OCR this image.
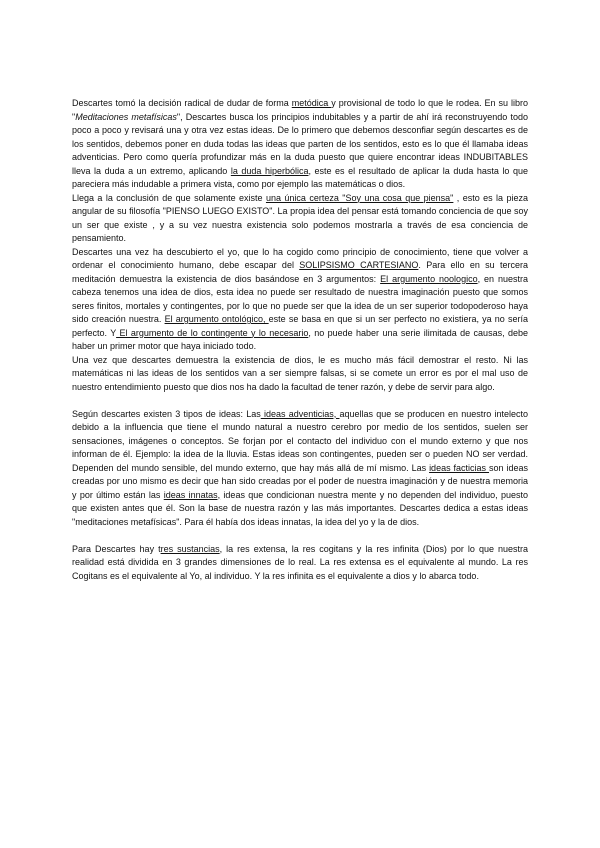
Descartes tomó la decisión radical de dudar de forma metódica y provisional de todo lo que le rodea. En su libro "Meditaciones metafísicas", Descartes busca los principios indubitables y a partir de ahí irá reconstruyendo todo poco a poco y revisará una y otra vez estas ideas. De lo primero que debemos desconfiar según descartes es de los sentidos, debemos poner en duda todas las ideas que parten de los sentidos, esto es lo que él llamaba ideas adventicias. Pero como quería profundizar más en la duda puesto que quiere encontrar ideas INDUBITABLES lleva la duda a un extremo, aplicando la duda hiperbólica, este es el resultado de aplicar la duda hasta lo que pareciera más indudable a primera vista, como por ejemplo las matemáticas o dios.

Llega a la conclusión de que solamente existe una única certeza "Soy una cosa que piensa" , esto es la pieza angular de su filosofía "PIENSO LUEGO EXISTO". La propia idea del pensar está tomando conciencia de que soy un ser que existe , y a su vez nuestra existencia solo podemos mostrarla a través de esa conciencia de pensamiento.

Descartes una vez ha descubierto el yo, que lo ha cogido como principio de conocimiento, tiene que volver a ordenar el conocimiento humano, debe escapar del SOLIPSISMO CARTESIANO. Para ello en su tercera meditación demuestra la existencia de dios basándose en 3 argumentos: El argumento noologico, en nuestra cabeza tenemos una idea de dios, esta idea no puede ser resultado de nuestra imaginación puesto que somos seres finitos, mortales y contingentes, por lo que no puede ser que la idea de un ser superior todopoderoso haya sido creación nuestra. El argumento ontológico, este se basa en que si un ser perfecto no existiera, ya no sería perfecto. Y El argumento de lo contingente y lo necesario, no puede haber una serie ilimitada de causas, debe haber un primer motor que haya iniciado todo.

Una vez que descartes demuestra la existencia de dios, le es mucho más fácil demostrar el resto. Ni las matemáticas ni las ideas de los sentidos van a ser siempre falsas, si se comete un error es por el mal uso de nuestro entendimiento puesto que dios nos ha dado la facultad de tener razón, y debe de servir para algo.

Según descartes existen 3 tipos de ideas: Las ideas adventicias, aquellas que se producen en nuestro intelecto debido a la influencia que tiene el mundo natural a nuestro cerebro por medio de los sentidos, suelen ser sensaciones, imágenes o conceptos. Se forjan por el contacto del individuo con el mundo externo y que nos informan de él. Ejemplo: la idea de la lluvia. Estas ideas son contingentes, pueden ser o pueden NO ser verdad. Dependen del mundo sensible, del mundo externo, que hay más allá de mí mismo. Las ideas facticias son ideas creadas por uno mismo es decir que han sido creadas por el poder de nuestra imaginación y de nuestra memoria y por último están las ideas innatas, ideas que condicionan nuestra mente y no dependen del individuo, puesto que existen antes que él. Son la base de nuestra razón y las más importantes. Descartes dedica a estas ideas "meditaciones metafísicas". Para él había dos ideas innatas, la idea del yo y la de dios.

Para Descartes hay tres sustancias, la res extensa, la res cogitans y la res infinita (Dios) por lo que nuestra realidad está dividida en 3 grandes dimensiones de lo real. La res extensa es el equivalente al mundo. La res Cogitans es el equivalente al Yo, al individuo. Y la res infinita es el equivalente a dios y lo abarca todo.
